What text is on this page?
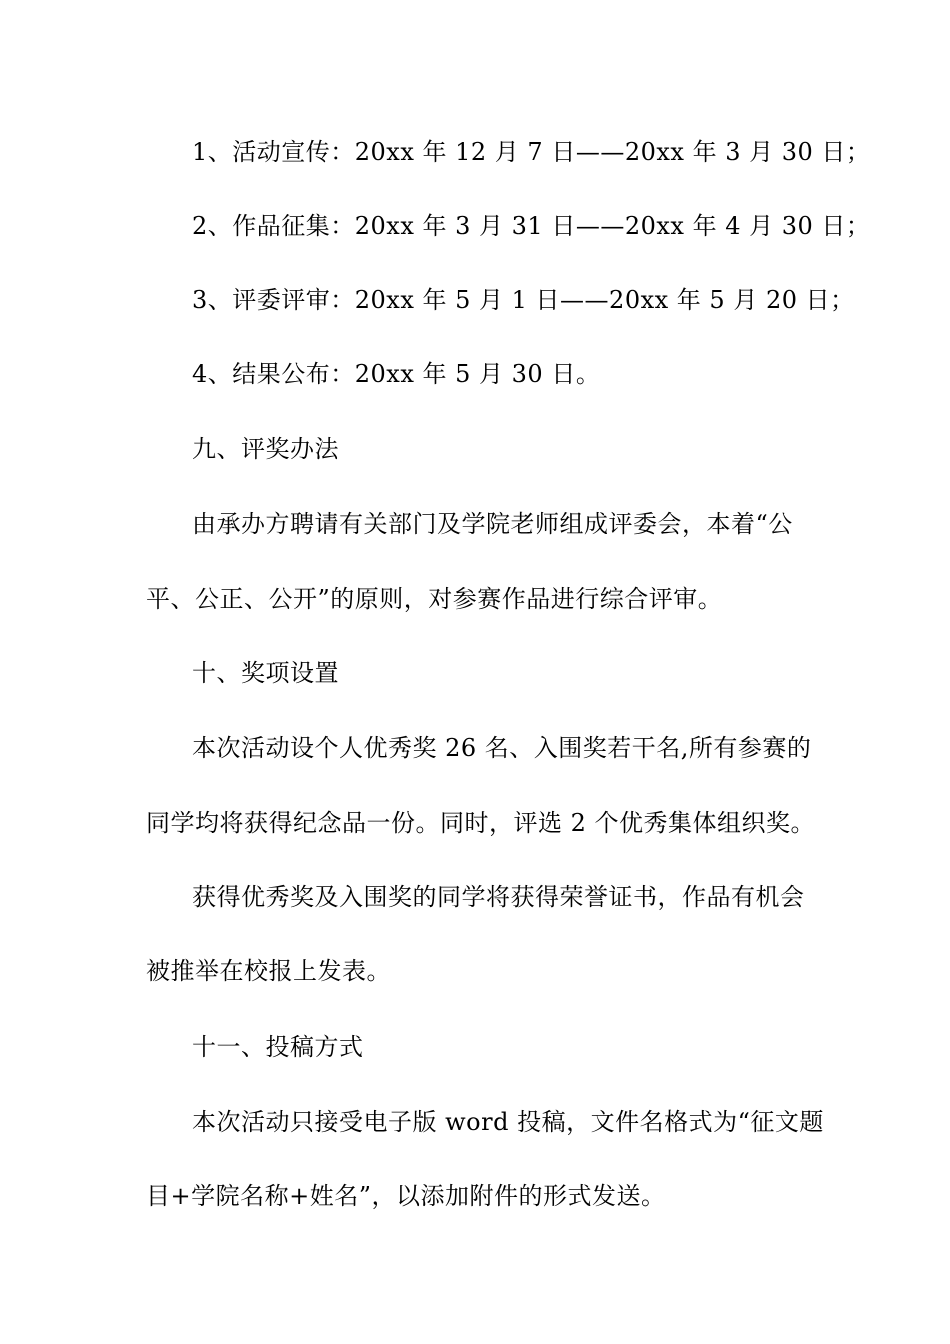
1、活动宣传：20xx 年 12 月 7 日——20xx 年 3 月 30 日；
2、作品征集：20xx 年 3 月 31 日——20xx 年 4 月 30 日；
3、评委评审：20xx 年 5 月 1 日——20xx 年 5 月 20 日；
4、结果公布：20xx 年 5 月 30 日。
九、评奖办法
由承办方聘请有关部门及学院老师组成评委会，本着“公
平、公正、公开”的原则，对参赛作品进行综合评审。
十、奖项设置
本次活动设个人优秀奖 26 名、入围奖若干名,所有参赛的
同学均将获得纪念品一份。同时，评选 2 个优秀集体组织奖。
获得优秀奖及入围奖的同学将获得荣誉证书，作品有机会
被推举在校报上发表。
十一、投稿方式
本次活动只接受电子版 word 投稿，文件名格式为“征文题
目+学院名称+姓名”，以添加附件的形式发送。
